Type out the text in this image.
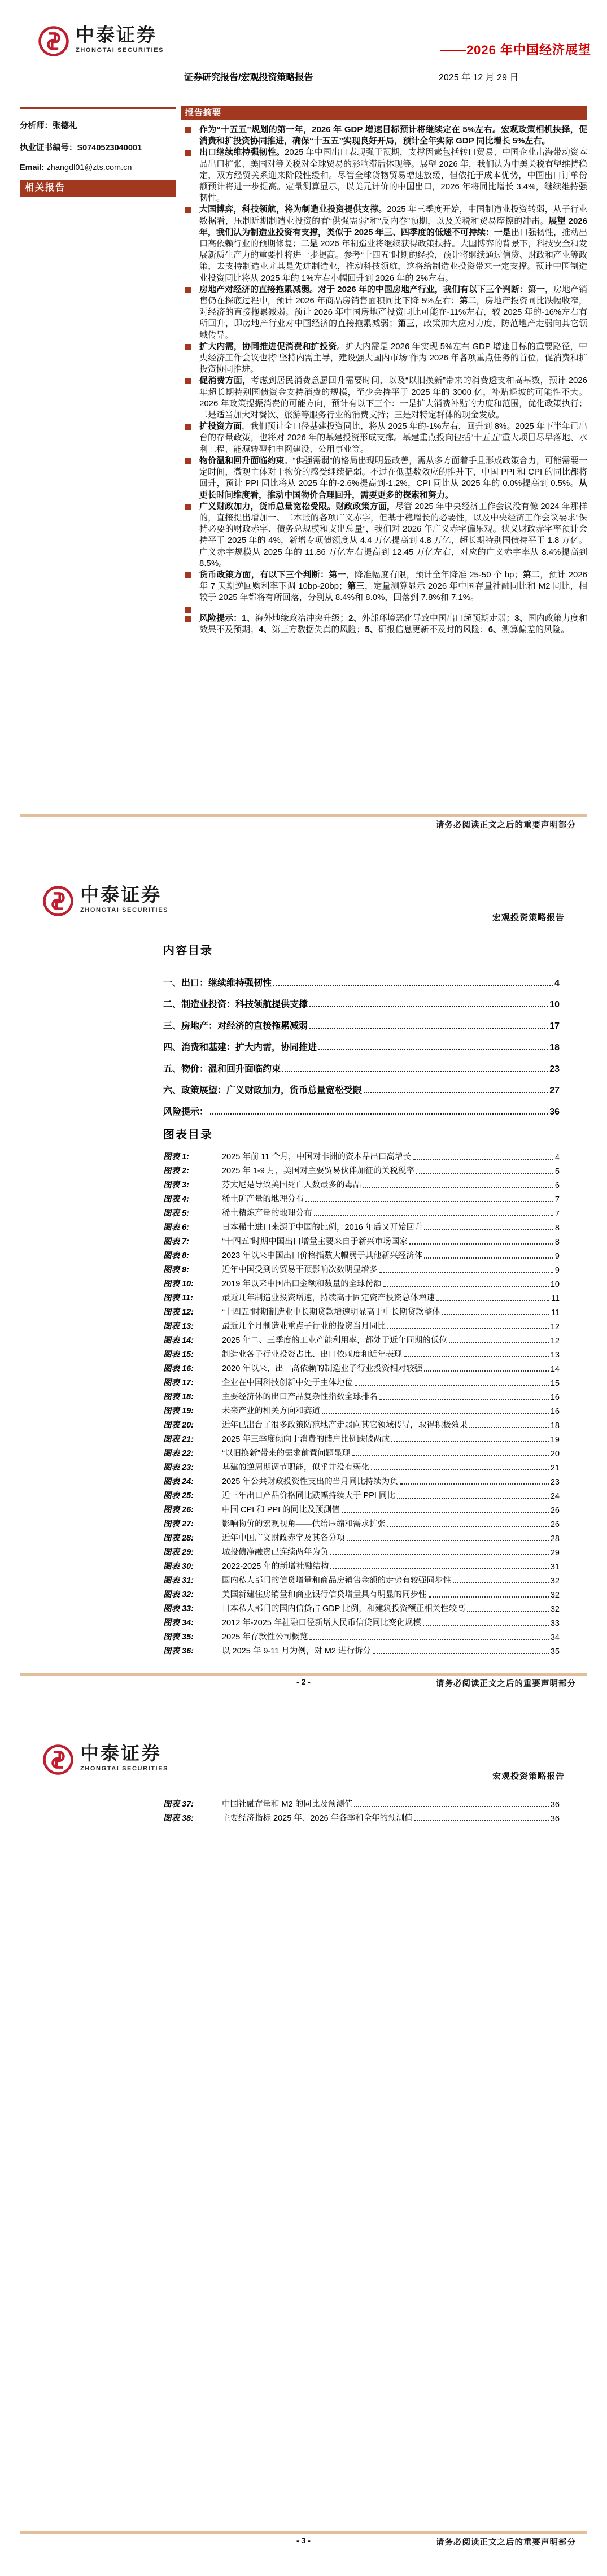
中泰证券
ZHONGTAI SECURITIES	——2026 年中国经济展望
证券研究报告/宏观投资策略报告	2025 年 12 月 29 日
分析师：张德礼
执业证书编号：S0740523040001
Email: zhangdl01@zts.com.cn
相关报告
报告摘要
作为“十五五”规划的第一年，2026 年 GDP 增速目标预计将继续定在 5%左右。宏观政策相机抉择，促消费和扩投资协同推进，确保“十五五”实现良好开局，预计全年实际 GDP 同比增长 5%左右。
出口继续维持强韧性。2025 年中国出口表现强于预期，支撑因素包括转口贸易、中国企业出海带动资本品出口扩张、美国对等关税对全球贸易的影响滞后体现等。展望 2026 年，我们认为中美关税有望维持稳定，双方经贸关系迎来阶段性缓和。尽管全球货物贸易增速放缓，但依托于成本优势，中国出口订单份额预计将进一步提高。定量测算显示，以美元计价的中国出口，2026 年将同比增长 3.4%，继续维持强韧性。
大国博弈，科技领航，将为制造业投资提供支撑。2025 年三季度开始，中国制造业投资转弱，从子行业数据看，压制近期制造业投资的有“供强需弱”和“反内卷”预期，以及关税和贸易摩擦的冲击。展望 2026 年，我们认为制造业投资有支撑，类似于 2025 年三、四季度的低迷不可持续：一是出口强韧性，推动出口高依赖行业的预期修复；二是 2026 年制造业将继续获得政策扶持。大国博弈的背景下，科技安全和发展新质生产力的重要性将进一步提高。参考“十四五”时期的经验，预计将继续通过信贷、财政和产业等政策，去支持制造业尤其是先进制造业，推动科技领航，这将给制造业投资带来一定支撑。预计中国制造业投资同比将从 2025 年的 1%左右小幅回升到 2026 年的 2%左右。
房地产对经济的直接拖累减弱。对于 2026 年的中国房地产行业，我们有以下三个判断：第一，房地产销售仍在探底过程中，预计 2026 年商品房销售面积同比下降 5%左右；第二，房地产投资同比跌幅收窄，对经济的直接拖累减弱。预计 2026 年中国房地产投资同比可能在-11%左右，较 2025 年的-16%左右有所回升，即房地产行业对中国经济的直接拖累减弱；第三，政策加大应对力度，防范地产走弱向其它领域传导。
扩大内需，协同推进促消费和扩投资。扩大内需是 2026 年实现 5%左右 GDP 增速目标的重要路径，中央经济工作会议也将“坚持内需主导，建设强大国内市场”作为 2026 年各项重点任务的首位，促消费和扩投资协同推进。
促消费方面，考虑到居民消费意愿回升需要时间，以及“以旧换新”带来的消费透支和高基数，预计 2026 年超长期特别国债资金支持消费的规模，至少会持平于 2025 年的 3000 亿，补贴退坡的可能性不大。2026 年政策提振消费的可能方向，预计有以下三个：一是扩大消费补贴的力度和范围，优化政策执行；二是适当加大对餐饮、旅游等服务行业的消费支持；三是对特定群体的现金发放。
扩投资方面，我们预计全口径基建投资同比，将从 2025 年的-1%左右，回升到 8%。2025 年下半年已出台的存量政策，也将对 2026 年的基建投资形成支撑。基建重点投向包括“十五五”重大项目尽早落地、水利工程、能源转型和电网建设、公用事业等。
物价温和回升面临约束。“供强需弱”的格局出现明显改善，需从多方面着手且形成政策合力，可能需要一定时间，微观主体对于物价的感受继续偏弱。不过在低基数效应的推升下，中国 PPI 和 CPI 的同比都将回升，预计 PPI 同比将从 2025 年的-2.6%提高到-1.2%，CPI 同比从 2025 年的 0.0%提高到 0.5%。从更长时间维度看，推动中国物价合理回升，需要更多的探索和努力。
广义财政加力，货币总量宽松受限。财政政策方面，尽管 2025 年中央经济工作会议没有像 2024 年那样的，直接提出增加一、二本账的各项广义赤字，但基于稳增长的必要性，以及中央经济工作会议要求“保持必要的财政赤字、债务总规模和支出总量”，我们对 2026 年广义赤字偏乐观。狭义财政赤字率预计会持平于 2025 年的 4%，新增专项债额度从 4.4 万亿提高到 4.8 万亿，超长期特别国债持平于 1.8 万亿。广义赤字规模从 2025 年的 11.86 万亿左右提高到 12.45 万亿左右，对应的广义赤字率从 8.4%提高到 8.5%。
货币政策方面，有以下三个判断：第一，降准幅度有限，预计全年降准 25-50 个 bp；第二，预计 2026 年 7 天期逆回购利率下调 10bp-20bp；第三，定量测算显示 2026 年中国存量社融同比和 M2 同比，相较于 2025 年都将有所回落，分别从 8.4%和 8.0%，回落到 7.8%和 7.1%。
风险提示：1、海外地缘政治冲突升级；2、外部环境恶化导致中国出口超预期走弱；3、国内政策力度和效果不及预期；4、第三方数据失真的风险；5、研报信息更新不及时的风险；6、测算偏差的风险。
请务必阅读正文之后的重要声明部分
中泰证券
ZHONGTAI SECURITIES
宏观投资策略报告
内容目录
一、出口：继续维持强韧性	4
二、制造业投资：科技领航提供支撑	10
三、房地产：对经济的直接拖累减弱	17
四、消费和基建：扩大内需，协同推进	18
五、物价：温和回升面临约束	23
六、政策展望：广义财政加力，货币总量宽松受限	27
风险提示：	36
图表目录
图表 1:	2025 年前 11 个月，中国对非洲的资本品出口高增长	4
图表 2:	2025 年 1-9 月，美国对主要贸易伙伴加征的关税税率	5
图表 3:	芬太尼是导致美国死亡人数最多的毒品	6
图表 4:	稀土矿产量的地理分布	7
图表 5:	稀土精炼产量的地理分布	7
图表 6:	日本稀土进口来源于中国的比例，2016 年后又开始回升	8
图表 7:	“十四五”时期中国出口增量主要来自于新兴市场国家	8
图表 8:	2023 年以来中国出口价格指数大幅弱于其他新兴经济体	9
图表 9:	近年中国受到的贸易干预影响次数明显增多	9
图表 10:	2019 年以来中国出口金额和数量的全球份额	10
图表 11:	最近几年制造业投资增速，持续高于固定资产投资总体增速	11
图表 12:	“十四五”时期制造业中长期贷款增速明显高于中长期贷款整体	11
图表 13:	最近几个月制造业重点子行业的投资当月同比	12
图表 14:	2025 年二、三季度的工业产能利用率，都处于近年同期的低位	12
图表 15:	制造业各子行业投资占比、出口依赖度和近年表现	13
图表 16:	2020 年以来，出口高依赖的制造业子行业投资相对较强	14
图表 17:	企业在中国科技创新中处于主体地位	15
图表 18:	主要经济体的出口产品复杂性指数全球排名	16
图表 19:	未来产业的相关方向和赛道	16
图表 20:	近年已出台了很多政策防范地产走弱向其它领域传导，取得积极效果	18
图表 21:	2025 年三季度倾向于消费的储户比例跌破两成	19
图表 22:	“以旧换新”带来的需求前置问题显现	20
图表 23:	基建的逆周期调节职能，似乎并没有弱化	21
图表 24:	2025 年公共财政投资性支出的当月同比持续为负	23
图表 25:	近三年出口产品价格同比跌幅持续大于 PPI 同比	24
图表 26:	中国 CPI 和 PPI 的同比及预测值	26
图表 27:	影响物价的宏观视角——供给压缩和需求扩张	26
图表 28:	近年中国广义财政赤字及其各分项	28
图表 29:	城投债净融资已连续两年为负	29
图表 30:	2022-2025 年的新增社融结构	31
图表 31:	国内私人部门的信贷增量和商品房销售金额的走势有较强同步性	32
图表 32:	美国新建住房销量和商业银行信贷增量具有明显的同步性	32
图表 33:	日本私人部门的国内信贷占 GDP 比例，和建筑投资额正相关性较高	32
图表 34:	2012 年-2025 年社融口径新增人民币信贷同比变化规模	33
图表 35:	2025 年存款性公司概览	34
图表 36:	以 2025 年 9-11 月为例，对 M2 进行拆分	35
- 2 -	请务必阅读正文之后的重要声明部分
中泰证券
ZHONGTAI SECURITIES
宏观投资策略报告
图表 37:	中国社融存量和 M2 的同比及预测值	36
图表 38:	主要经济指标 2025 年、2026 年各季和全年的预测值	36
- 3 -	请务必阅读正文之后的重要声明部分
